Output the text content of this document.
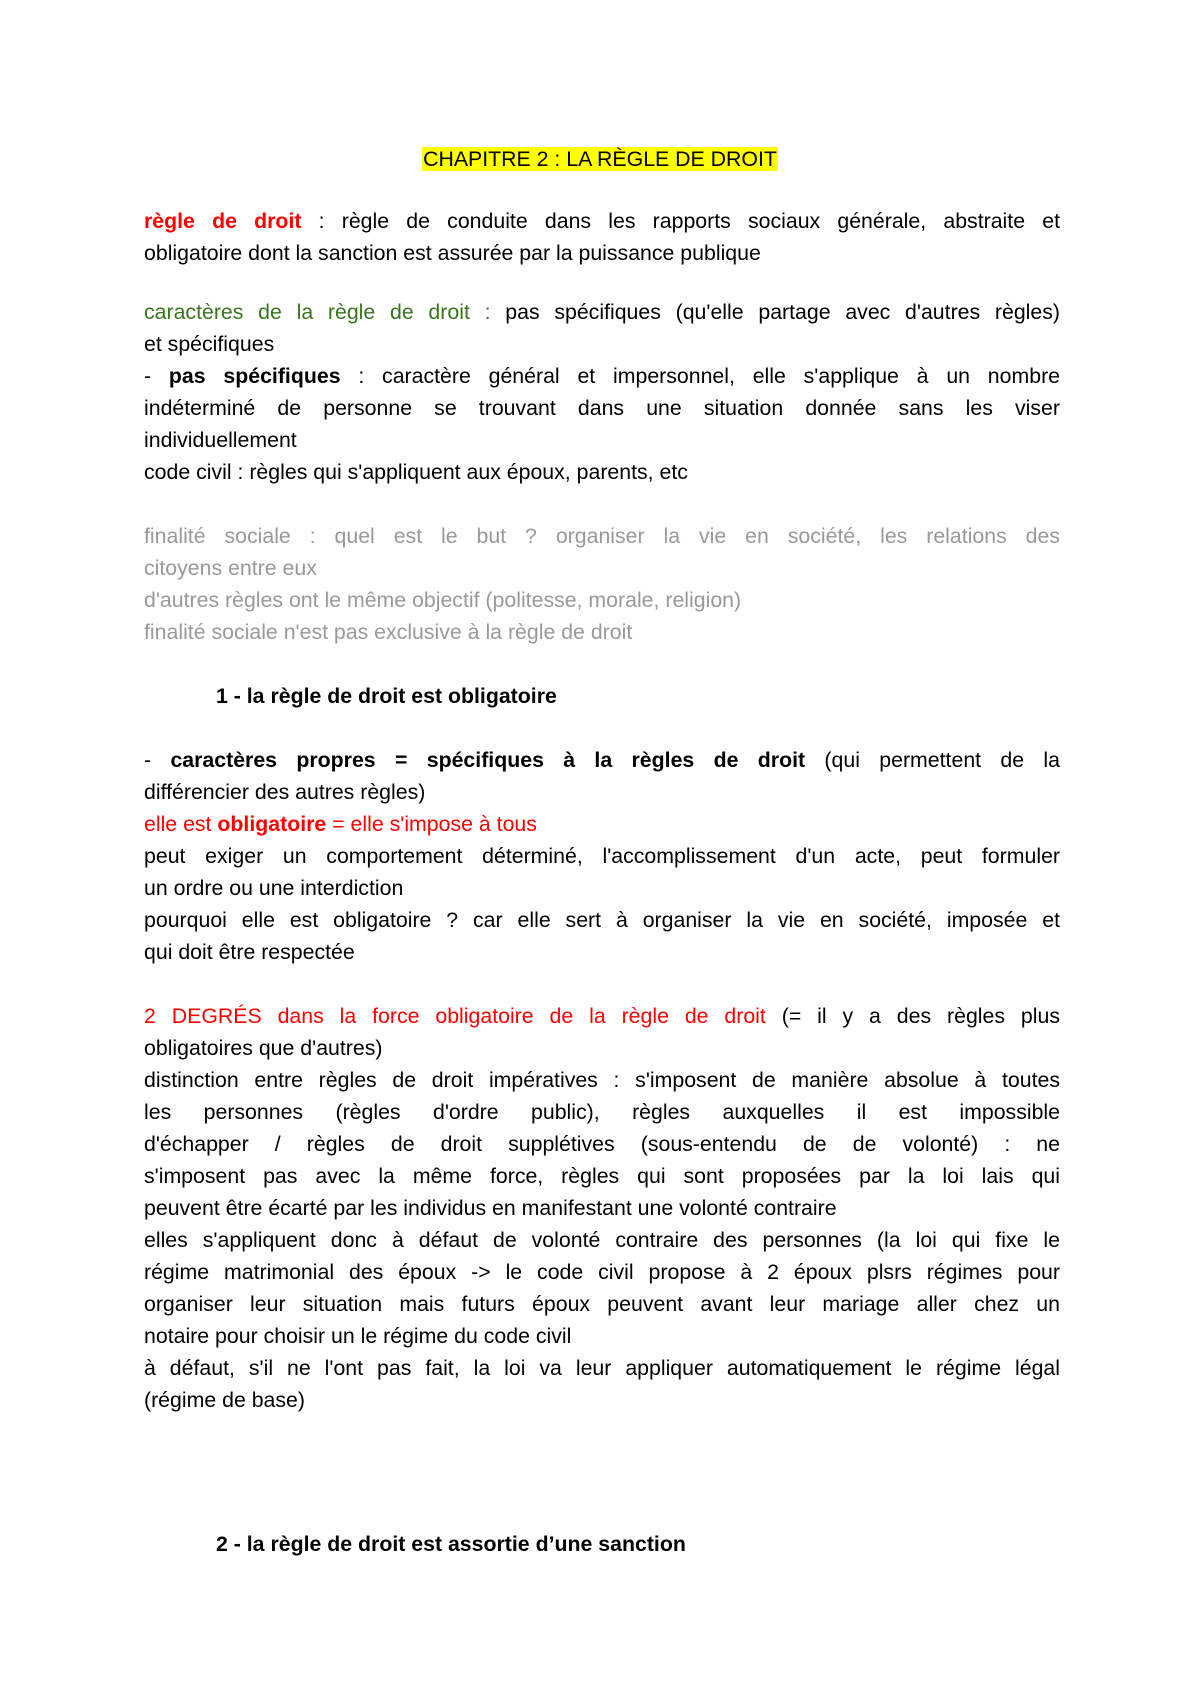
CHAPITRE 2 : LA RÈGLE DE DROIT
règle de droit : règle de conduite dans les rapports sociaux générale, abstraite et
obligatoire dont la sanction est assurée par la puissance publique
caractères de la règle de droit : pas spécifiques (qu'elle partage avec d'autres règles)
et spécifiques
- pas spécifiques : caractère général et impersonnel, elle s'applique à un nombre
indéterminé de personne se trouvant dans une situation donnée sans les viser
individuellement
code civil : règles qui s'appliquent aux époux, parents, etc
finalité sociale : quel est le but ? organiser la vie en société, les relations des
citoyens entre eux
d'autres règles ont le même objectif (politesse, morale, religion)
finalité sociale n'est pas exclusive à la règle de droit
1 - la règle de droit est obligatoire
- caractères propres = spécifiques à la règles de droit (qui permettent de la
différencier des autres règles)
elle est obligatoire = elle s'impose à tous
peut exiger un comportement déterminé, l'accomplissement d'un acte, peut formuler
un ordre ou une interdiction
pourquoi elle est obligatoire ? car elle sert à organiser la vie en société, imposée et
qui doit être respectée
2 DEGRÉS dans la force obligatoire de la règle de droit (= il y a des règles plus
obligatoires que d'autres)
distinction entre règles de droit impératives : s'imposent de manière absolue à toutes
les personnes (règles d'ordre public), règles auxquelles il est impossible
d'échapper / règles de droit supplétives (sous-entendu de de volonté) : ne
s'imposent pas avec la même force, règles qui sont proposées par la loi lais qui
peuvent être écarté par les individus en manifestant une volonté contraire
elles s'appliquent donc à défaut de volonté contraire des personnes (la loi qui fixe le
régime matrimonial des époux -> le code civil propose à 2 époux plsrs régimes pour
organiser leur situation mais futurs époux peuvent avant leur mariage aller chez un
notaire pour choisir un le régime du code civil
à défaut, s'il ne l'ont pas fait, la loi va leur appliquer automatiquement le régime légal
(régime de base)
2 - la règle de droit est assortie d’une sanction
